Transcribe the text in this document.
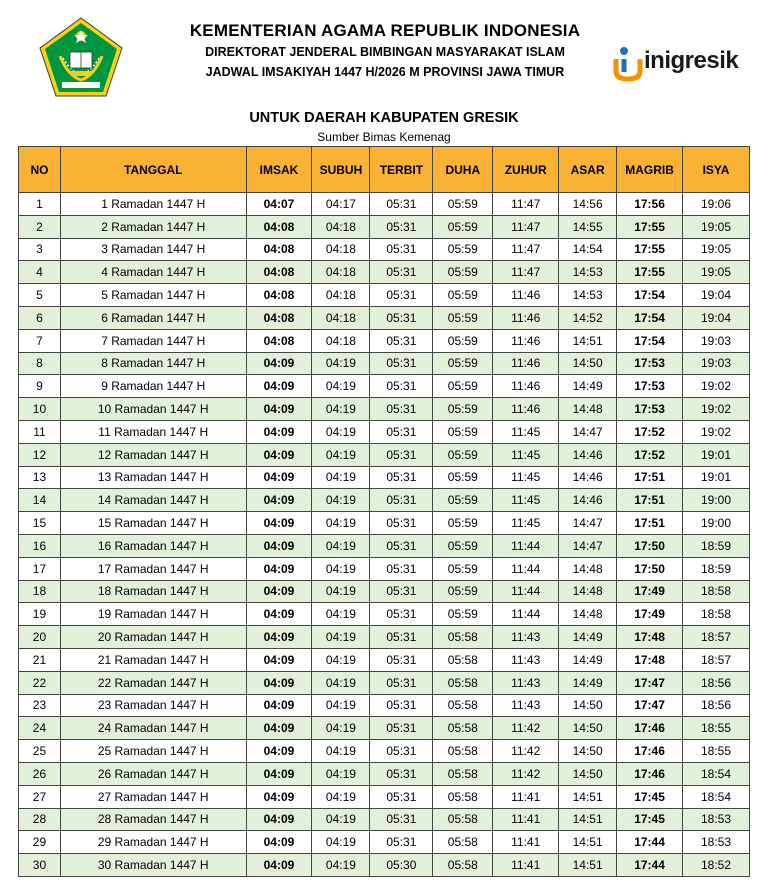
KEMENTERIAN AGAMA REPUBLIK INDONESIA
DIREKTORAT JENDERAL BIMBINGAN MASYARAKAT ISLAM
JADWAL IMSAKIYAH 1447 H/2026 M PROVINSI JAWA TIMUR	inigresik
UNTUK DAERAH KABUPATEN GRESIK
Sumber Bimas Kemenag
NO	TANGGAL	IMSAK	SUBUH	TERBIT	DUHA	ZUHUR	ASAR	MAGRIB	ISYA
1	1 Ramadan 1447 H	04:07	04:17	05:31	05:59	11:47	14:56	17:56	19:06
2	2 Ramadan 1447 H	04:08	04:18	05:31	05:59	11:47	14:55	17:55	19:05
3	3 Ramadan 1447 H	04:08	04:18	05:31	05:59	11:47	14:54	17:55	19:05
4	4 Ramadan 1447 H	04:08	04:18	05:31	05:59	11:47	14:53	17:55	19:05
5	5 Ramadan 1447 H	04:08	04:18	05:31	05:59	11:46	14:53	17:54	19:04
6	6 Ramadan 1447 H	04:08	04:18	05:31	05:59	11:46	14:52	17:54	19:04
7	7 Ramadan 1447 H	04:08	04:18	05:31	05:59	11:46	14:51	17:54	19:03
8	8 Ramadan 1447 H	04:09	04:19	05:31	05:59	11:46	14:50	17:53	19:03
9	9 Ramadan 1447 H	04:09	04:19	05:31	05:59	11:46	14:49	17:53	19:02
10	10 Ramadan 1447 H	04:09	04:19	05:31	05:59	11:46	14:48	17:53	19:02
11	11 Ramadan 1447 H	04:09	04:19	05:31	05:59	11:45	14:47	17:52	19:02
12	12 Ramadan 1447 H	04:09	04:19	05:31	05:59	11:45	14:46	17:52	19:01
13	13 Ramadan 1447 H	04:09	04:19	05:31	05:59	11:45	14:46	17:51	19:01
14	14 Ramadan 1447 H	04:09	04:19	05:31	05:59	11:45	14:46	17:51	19:00
15	15 Ramadan 1447 H	04:09	04:19	05:31	05:59	11:45	14:47	17:51	19:00
16	16 Ramadan 1447 H	04:09	04:19	05:31	05:59	11:44	14:47	17:50	18:59
17	17 Ramadan 1447 H	04:09	04:19	05:31	05:59	11:44	14:48	17:50	18:59
18	18 Ramadan 1447 H	04:09	04:19	05:31	05:59	11:44	14:48	17:49	18:58
19	19 Ramadan 1447 H	04:09	04:19	05:31	05:59	11:44	14:48	17:49	18:58
20	20 Ramadan 1447 H	04:09	04:19	05:31	05:58	11:43	14:49	17:48	18:57
21	21 Ramadan 1447 H	04:09	04:19	05:31	05:58	11:43	14:49	17:48	18:57
22	22 Ramadan 1447 H	04:09	04:19	05:31	05:58	11:43	14:49	17:47	18:56
23	23 Ramadan 1447 H	04:09	04:19	05:31	05:58	11:43	14:50	17:47	18:56
24	24 Ramadan 1447 H	04:09	04:19	05:31	05:58	11:42	14:50	17:46	18:55
25	25 Ramadan 1447 H	04:09	04:19	05:31	05:58	11:42	14:50	17:46	18:55
26	26 Ramadan 1447 H	04:09	04:19	05:31	05:58	11:42	14:50	17:46	18:54
27	27 Ramadan 1447 H	04:09	04:19	05:31	05:58	11:41	14:51	17:45	18:54
28	28 Ramadan 1447 H	04:09	04:19	05:31	05:58	11:41	14:51	17:45	18:53
29	29 Ramadan 1447 H	04:09	04:19	05:31	05:58	11:41	14:51	17:44	18:53
30	30 Ramadan 1447 H	04:09	04:19	05:30	05:58	11:41	14:51	17:44	18:52
